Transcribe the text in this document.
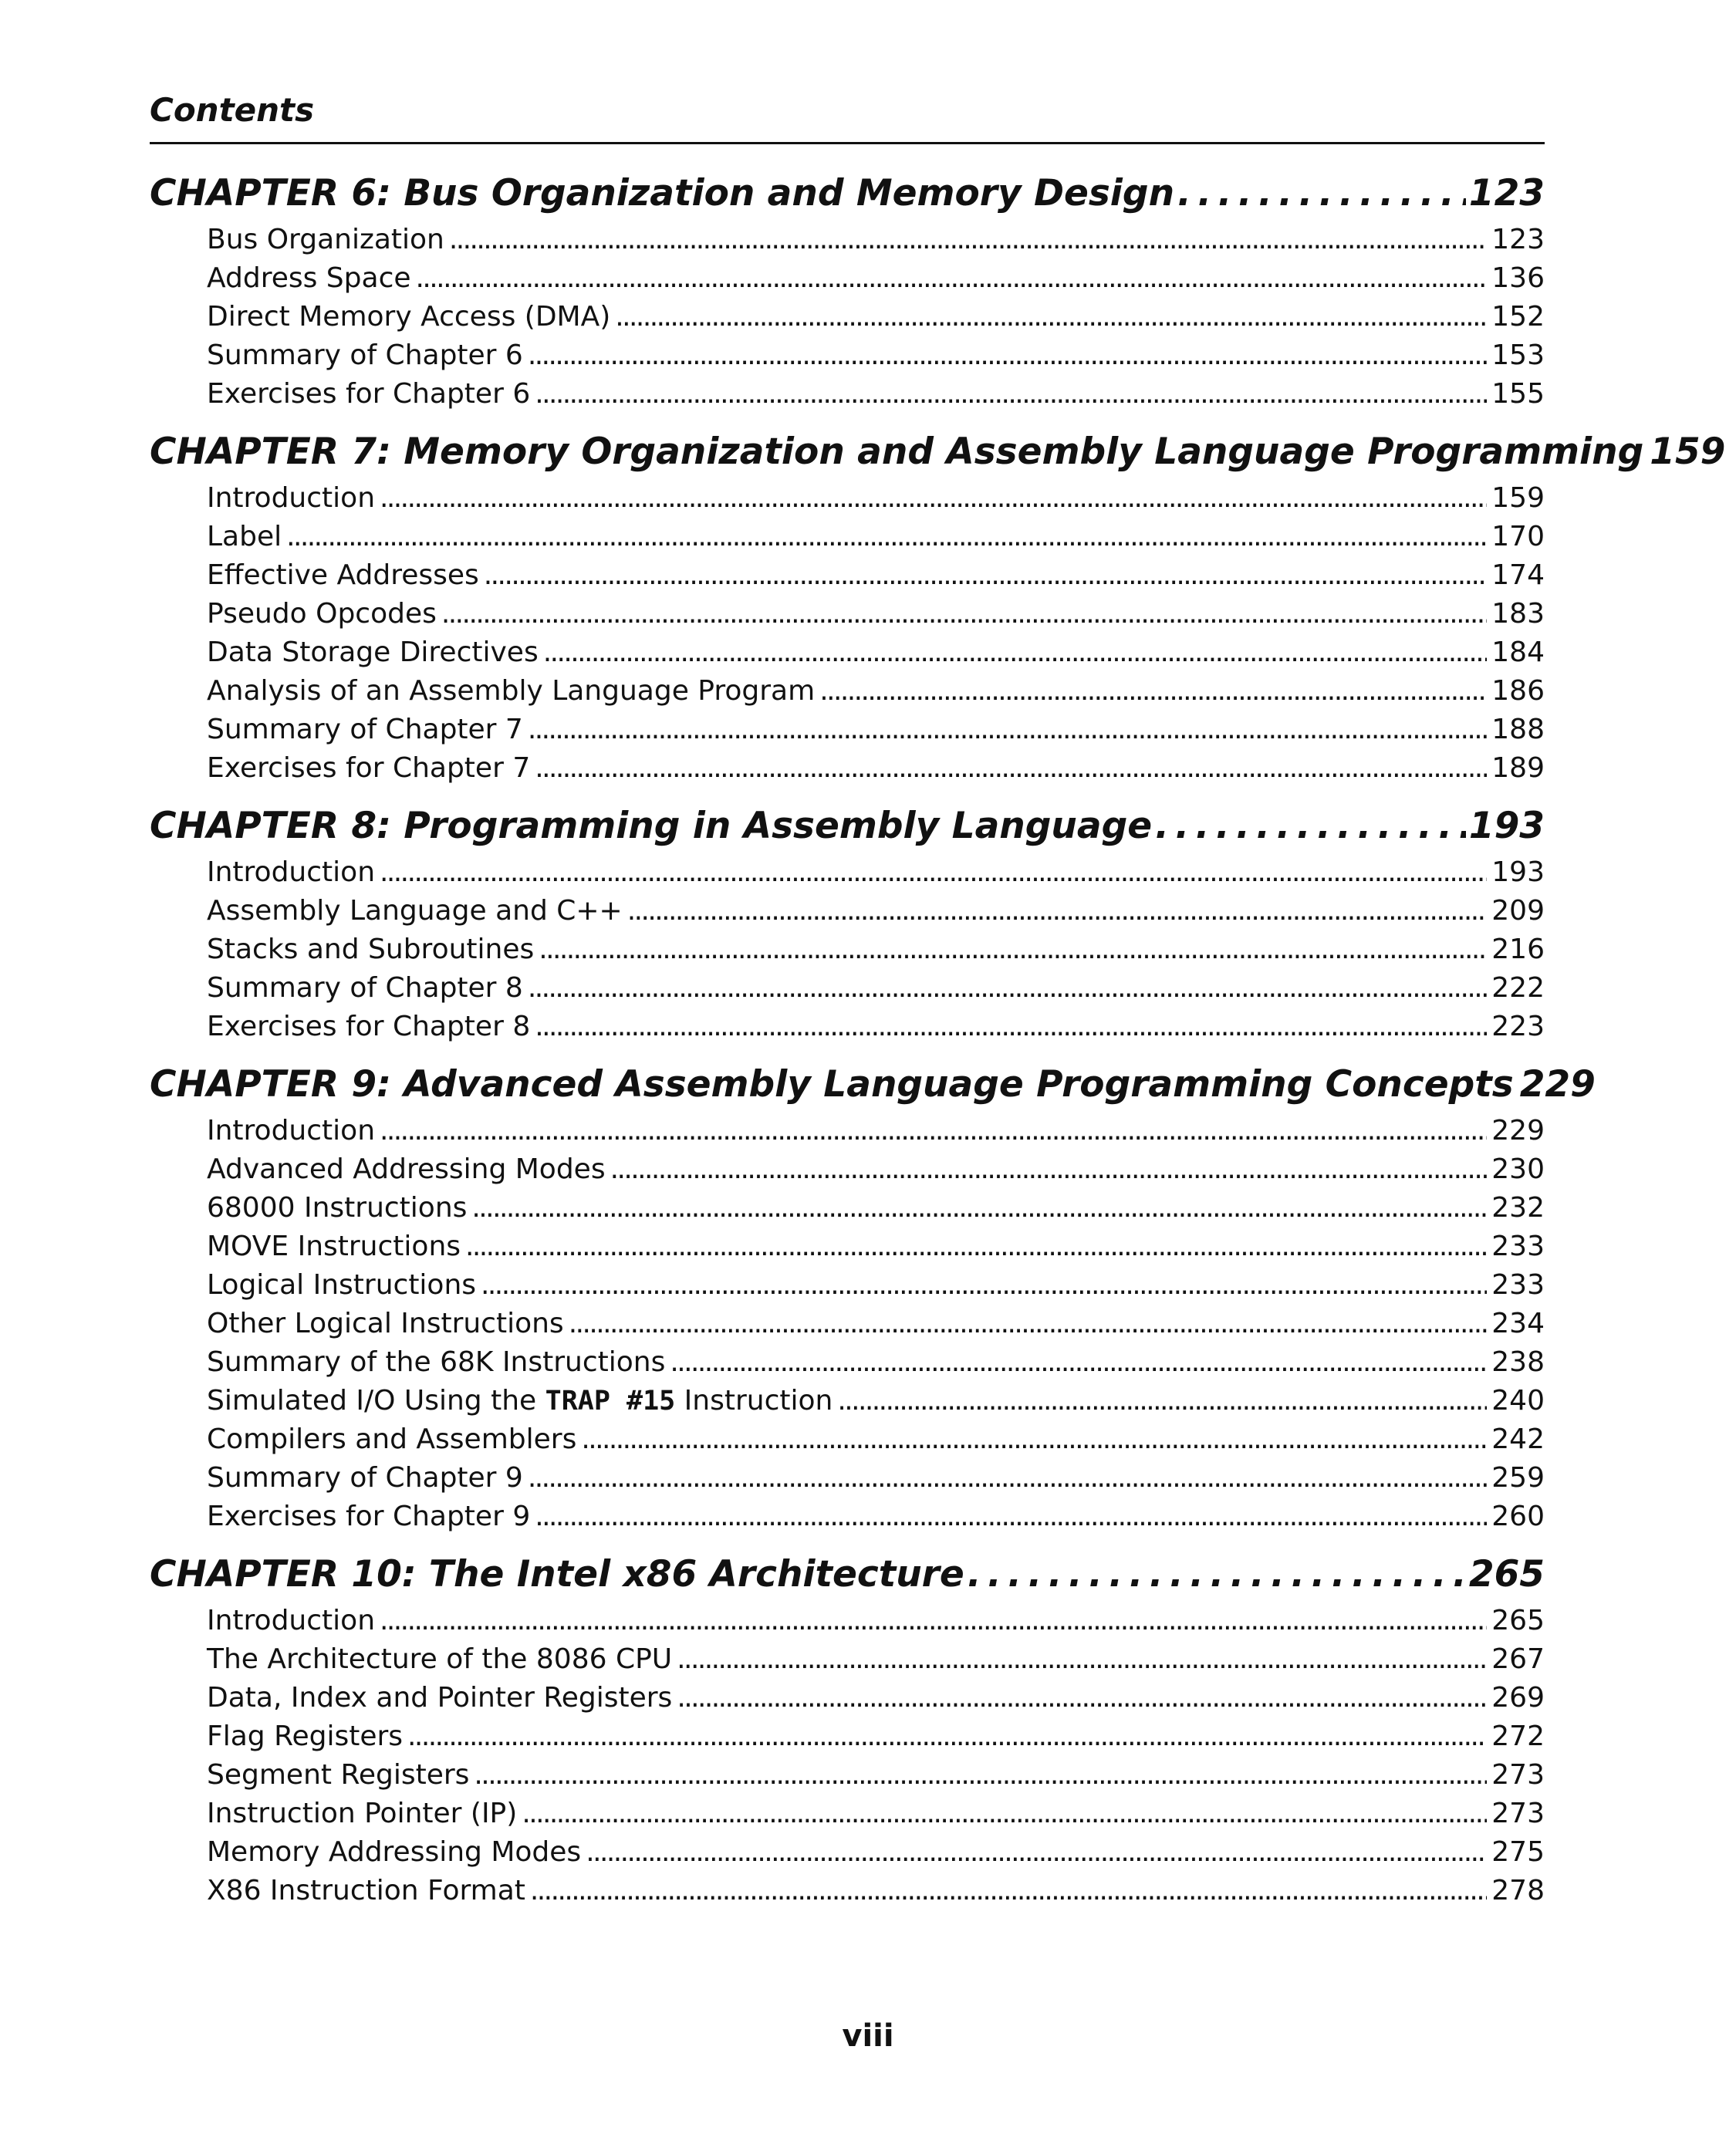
Contents
CHAPTER 6: Bus Organization and Memory Design . . .	123
Bus Organization . . .	123
Address Space . . .	136
Direct Memory Access (DMA) . . .	152
Summary of Chapter 6 . . .	153
Exercises for Chapter 6 . . .	155
CHAPTER 7: Memory Organization and Assembly Language Programming 159
Introduction . . .	159
Label . . .	170
Effective Addresses . . .	174
Pseudo Opcodes . . .	183
Data Storage Directives . . .	184
Analysis of an Assembly Language Program . . .	186
Summary of Chapter 7 . . .	188
Exercises for Chapter 7 . . .	189
CHAPTER 8: Programming in Assembly Language . . .	193
Introduction . . .	193
Assembly Language and C++ . . .	209
Stacks and Subroutines . . .	216
Summary of Chapter 8 . . .	222
Exercises for Chapter 8 . . .	223
CHAPTER 9: Advanced Assembly Language Programming Concepts 229
Introduction . . .	229
Advanced Addressing Modes . . .	230
68000 Instructions . . .	232
MOVE Instructions . . .	233
Logical Instructions . . .	233
Other Logical Instructions . . .	234
Summary of the 68K Instructions . . .	238
Simulated I/O Using the TRAP #15 Instruction . . .	240
Compilers and Assemblers . . .	242
Summary of Chapter 9 . . .	259
Exercises for Chapter 9 . . .	260
CHAPTER 10: The Intel x86 Architecture . . .	265
Introduction . . .	265
The Architecture of the 8086 CPU . . .	267
Data, Index and Pointer Registers . . .	269
Flag Registers . . .	272
Segment Registers . . .	273
Instruction Pointer (IP) . . .	273
Memory Addressing Modes . . .	275
X86 Instruction Format . . .	278
viii
